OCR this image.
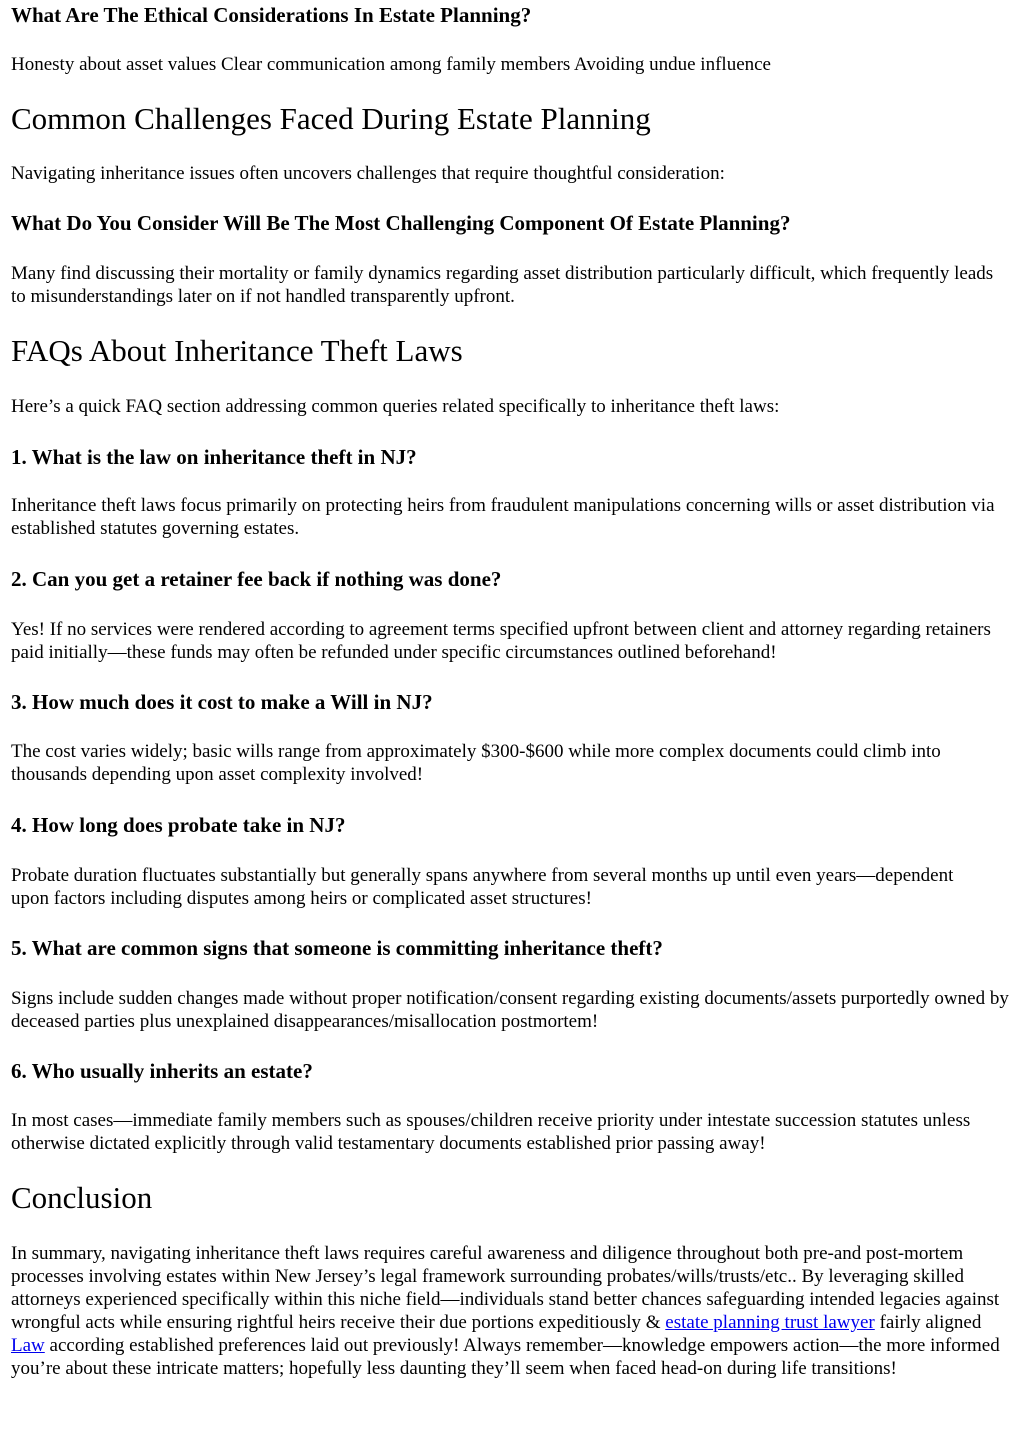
What Are The Ethical Considerations In Estate Planning?

Honesty about asset values Clear communication among family members Avoiding undue influence

Common Challenges Faced During Estate Planning

Navigating inheritance issues often uncovers challenges that require thoughtful consideration:

What Do You Consider Will Be The Most Challenging Component Of Estate Planning?

Many find discussing their mortality or family dynamics regarding asset distribution particularly difficult, which frequently leads to misunderstandings later on if not handled transparently upfront.

FAQs About Inheritance Theft Laws

Here’s a quick FAQ section addressing common queries related specifically to inheritance theft laws:

1. What is the law on inheritance theft in NJ?

Inheritance theft laws focus primarily on protecting heirs from fraudulent manipulations concerning wills or asset distribution via established statutes governing estates.

2. Can you get a retainer fee back if nothing was done?

Yes! If no services were rendered according to agreement terms specified upfront between client and attorney regarding retainers paid initially—these funds may often be refunded under specific circumstances outlined beforehand!

3. How much does it cost to make a Will in NJ?

The cost varies widely; basic wills range from approximately $300-$600 while more complex documents could climb into thousands depending upon asset complexity involved!

4. How long does probate take in NJ?

Probate duration fluctuates substantially but generally spans anywhere from several months up until even years—dependent upon factors including disputes among heirs or complicated asset structures!

5. What are common signs that someone is committing inheritance theft?

Signs include sudden changes made without proper notification/consent regarding existing documents/assets purportedly owned by deceased parties plus unexplained disappearances/misallocation postmortem!

6. Who usually inherits an estate?

In most cases—immediate family members such as spouses/children receive priority under intestate succession statutes unless otherwise dictated explicitly through valid testamentary documents established prior passing away!

Conclusion

In summary, navigating inheritance theft laws requires careful awareness and diligence throughout both pre-and post-mortem processes involving estates within New Jersey’s legal framework surrounding probates/wills/trusts/etc.. By leveraging skilled attorneys experienced specifically within this niche field—individuals stand better chances safeguarding intended legacies against wrongful acts while ensuring rightful heirs receive their due portions expeditiously & estate planning trust lawyer fairly aligned Law according established preferences laid out previously! Always remember—knowledge empowers action—the more informed you’re about these intricate matters; hopefully less daunting they’ll seem when faced head-on during life transitions!
